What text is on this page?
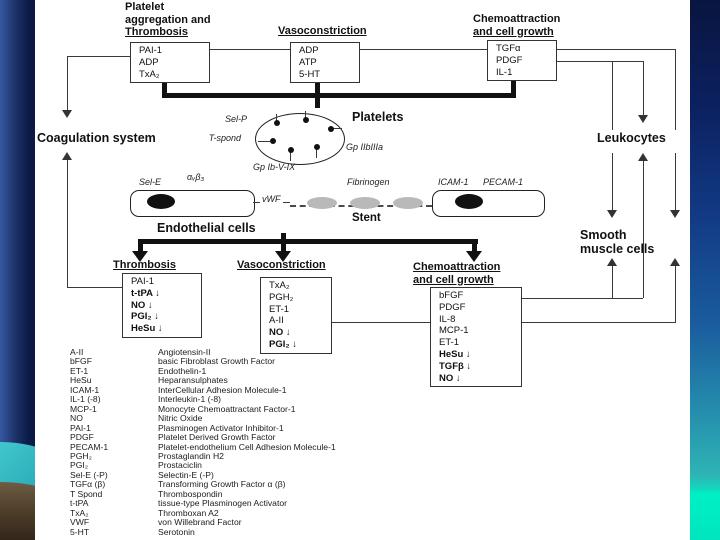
Platelet
aggregation and
Thrombosis	Vasoconstriction
Chemoattraction
and cell growth
PAI-1
ADP
TxA₂
ADP
ATP
5-HT
TGFα
PDGF
IL-1
Coagulation system
Platelets
Leukocytes
Smooth
muscle cells
Endothelial cells
Stent
Sel-P
T-spond
Gp IIbIIIa
Gp Ib-V-IX
Sel-E	αᵥβ₃
vWF
Fibrinogen	ICAM-1 PECAM-1
Thrombosis	Vasoconstriction	Chemoattraction
and cell growth
PAI-1
t-tPA ↓
NO ↓
PGI₂ ↓
HeSu ↓
TxA₂
PGH₂
ET-1
A-II
NO ↓
PGI₂ ↓
bFGF
PDGF
IL-8
MCP-1
ET-1
HeSu ↓
TGFβ ↓
NO ↓
A-II	Angiotensin-II
bFGF	basic Fibroblast Growth Factor
ET-1	Endothelin-1
HeSu	Heparansulphates
ICAM-1	InterCellular Adhesion Molecule-1
IL-1 (-8)	Interleukin-1 (-8)
MCP-1	Monocyte Chemoattractant Factor-1
NO	Nitric Oxide
PAI-1	Plasminogen Activator Inhibitor-1
PDGF	Platelet Derived Growth Factor
PECAM-1	Platelet-endothelium Cell Adhesion Molecule-1
PGH₂	Prostaglandin H2
PGI₂	Prostaciclin
Sel-E (-P)	Selectin-E (-P)
TGFα (β)	Transforming Growth Factor α (β)
T Spond	Thrombospondin
t-tPA	tissue-type Plasminogen Activator
TxA₂	Thromboxan A2
VWF	von Willebrand Factor
5-HT	Serotonin
